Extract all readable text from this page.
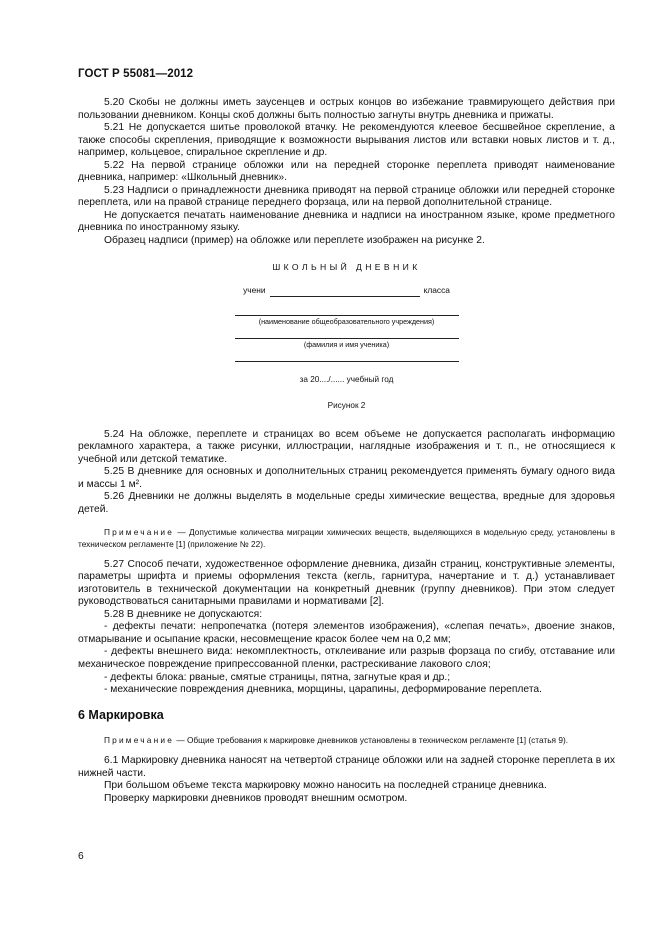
ГОСТ Р 55081—2012

5.20 Скобы не должны иметь заусенцев и острых концов во избежание травмирующего действия при пользовании дневником. Концы скоб должны быть полностью загнуты внутрь дневника и прижаты.

5.21 Не допускается шитье проволокой втачку. Не рекомендуются клеевое бесшвейное скрепление, а также способы скрепления, приводящие к возможности вырывания листов или вставки новых листов и т. д., например, кольцевое, спиральное скрепление и др.

5.22 На первой странице обложки или на передней сторонке переплета приводят наименование дневника, например: «Школьный дневник».

5.23 Надписи о принадлежности дневника приводят на первой странице обложки или передней сторонке переплета, или на правой странице переднего форзаца, или на первой дополнительной странице.

Не допускается печатать наименование дневника и надписи на иностранном языке, кроме предметного дневника по иностранному языку.

Образец надписи (пример) на обложке или переплете изображен на рисунке 2.

ШКОЛЬНЫЙ ДНЕВНИК
учени	класса
(наименование общеобразовательного учреждения)
(фамилия и имя ученика)
за 20..../...... учебный год
Рисунок 2

5.24 На обложке, переплете и страницах во всем объеме не допускается располагать информацию рекламного характера, а также рисунки, иллюстрации, наглядные изображения и т. п., не относящиеся к учебной или детской тематике.

5.25 В дневнике для основных и дополнительных страниц рекомендуется применять бумагу одного вида и массы 1 м².

5.26 Дневники не должны выделять в модельные среды химические вещества, вредные для здоровья детей.

Примечание — Допустимые количества миграции химических веществ, выделяющихся в модельную среду, установлены в техническом регламенте [1] (приложение № 22).

5.27 Способ печати, художественное оформление дневника, дизайн страниц, конструктивные элементы, параметры шрифта и приемы оформления текста (кегль, гарнитура, начертание и т. д.) устанавливает изготовитель в технической документации на конкретный дневник (группу дневников). При этом следует руководствоваться санитарными правилами и нормативами [2].

5.28 В дневнике не допускаются:

- дефекты печати: непропечатка (потеря элементов изображения), «слепая печать», двоение знаков, отмарывание и осыпание краски, несовмещение красок более чем на 0,2 мм;

- дефекты внешнего вида: некомплектность, отклеивание или разрыв форзаца по сгибу, отставание или механическое повреждение припрессованной пленки, растрескивание лакового слоя;

- дефекты блока: рваные, смятые страницы, пятна, загнутые края и др.;

- механические повреждения дневника, морщины, царапины, деформирование переплета.

6 Маркировка

Примечание — Общие требования к маркировке дневников установлены в техническом регламенте [1] (статья 9).

6.1 Маркировку дневника наносят на четвертой странице обложки или на задней сторонке переплета в их нижней части.

При большом объеме текста маркировку можно наносить на последней странице дневника.

Проверку маркировки дневников проводят внешним осмотром.

6
